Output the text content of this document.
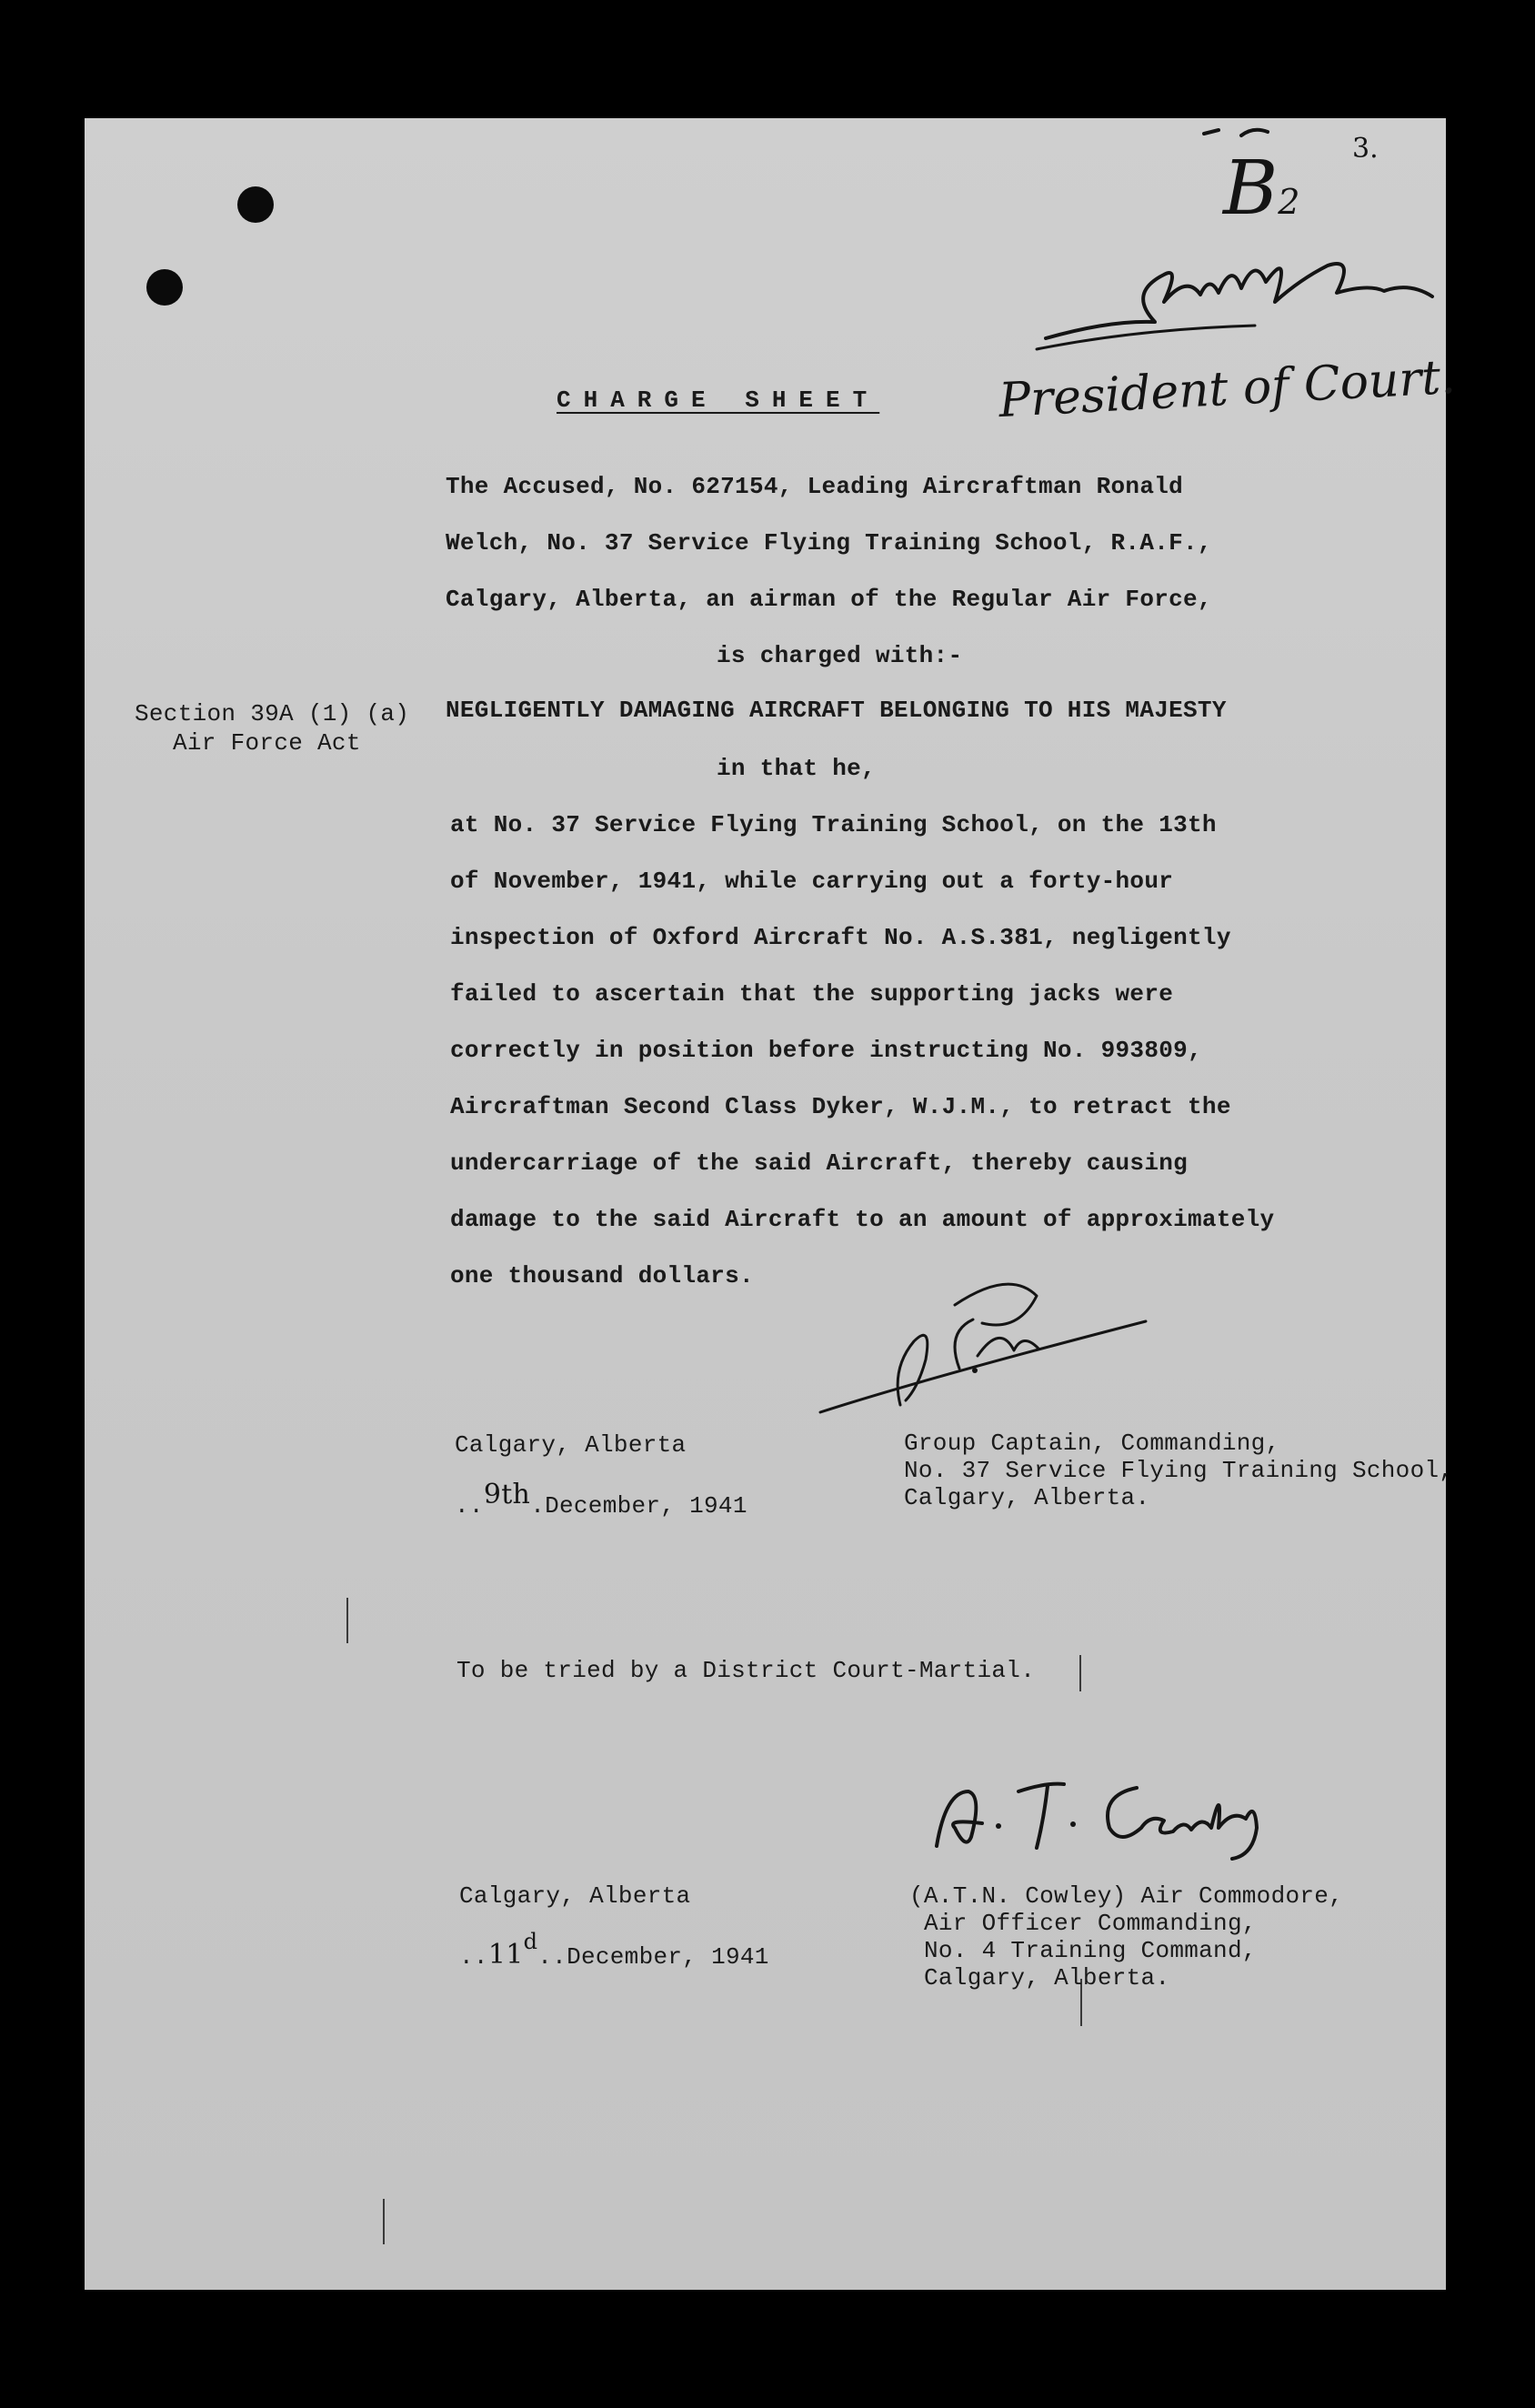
3.
B2
President of Court.
CHARGE SHEET
The Accused, No. 627154, Leading Aircraftman Ronald
Welch, No. 37 Service Flying Training School, R.A.F.,
Calgary, Alberta, an airman of the Regular Air Force,
is charged with:-
Section 39A (1) (a)
Air Force Act
NEGLIGENTLY DAMAGING AIRCRAFT BELONGING TO HIS MAJESTY
in that he,
at No. 37 Service Flying Training School, on the 13th
of November, 1941, while carrying out a forty-hour
inspection of Oxford Aircraft No. A.S.381, negligently
failed to ascertain that the supporting jacks were
correctly in position before instructing No. 993809,
Aircraftman Second Class Dyker, W.J.M., to retract the
undercarriage of the said Aircraft, thereby causing
damage to the said Aircraft to an amount of approximately
one thousand dollars.
Calgary, Alberta
..9th.December, 1941
Group Captain, Commanding,
No. 37 Service Flying Training School,
Calgary, Alberta.
To be tried by a District Court-Martial.
Calgary, Alberta
..11d..December, 1941
(A.T.N. Cowley) Air Commodore,
Air Officer Commanding,
No. 4 Training Command,
Calgary, Alberta.
